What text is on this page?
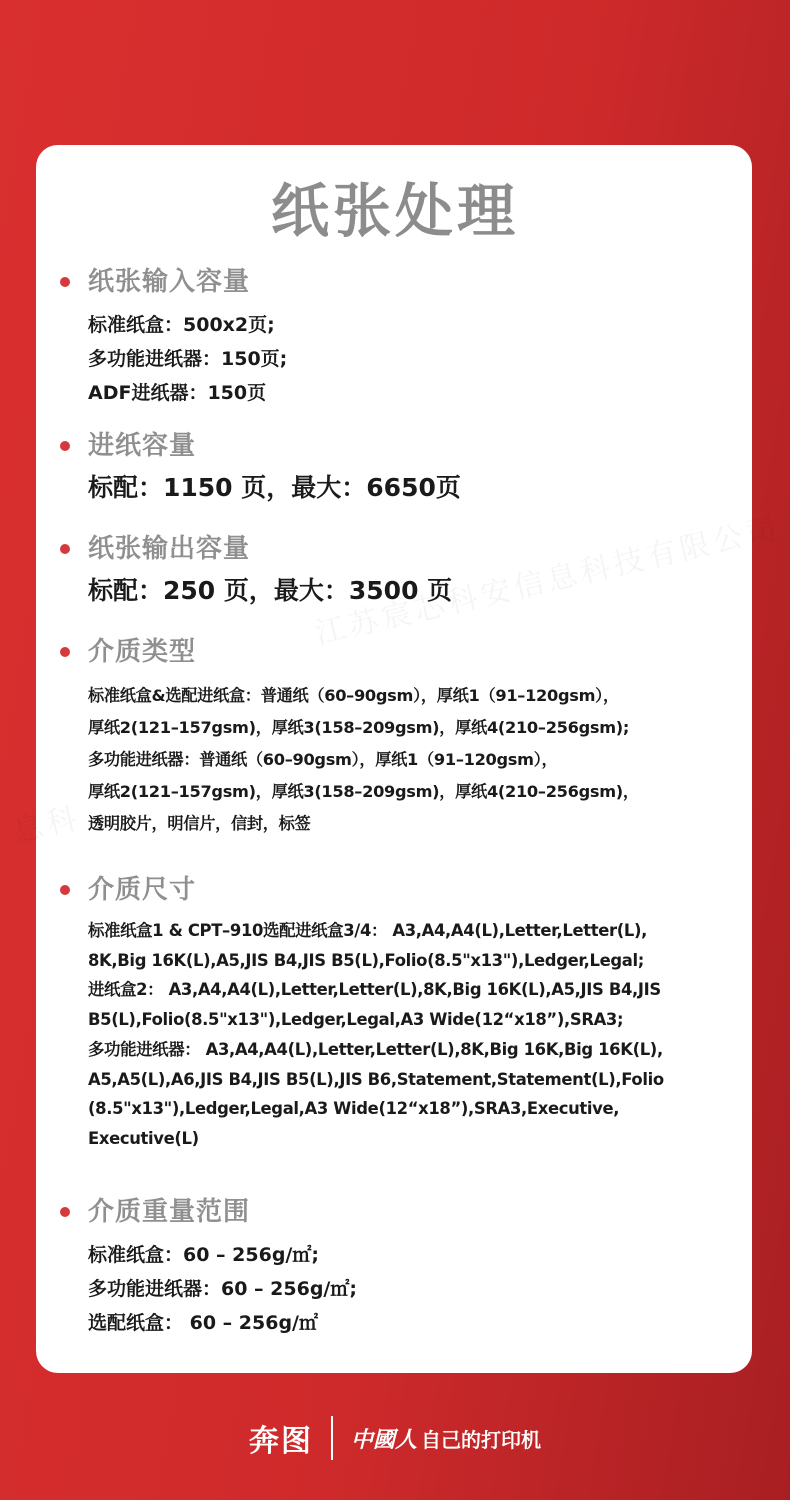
纸张处理
纸张输入容量
标准纸盒：500x2页;
多功能进纸器：150页;
ADF进纸器：150页
进纸容量
标配：1150 页，最大：6650页
纸张输出容量
标配：250 页，最大：3500 页
介质类型
标准纸盒&选配进纸盒：普通纸（60–90gsm），厚纸1（91–120gsm），
厚纸2(121–157gsm)，厚纸3(158–209gsm)，厚纸4(210–256gsm);
多功能进纸器：普通纸（60–90gsm），厚纸1（91–120gsm），
厚纸2(121–157gsm)，厚纸3(158–209gsm)，厚纸4(210–256gsm)，
透明胶片，明信片，信封，标签
介质尺寸
标准纸盒1 & CPT–910选配进纸盒3/4： A3,A4,A4(L),Letter,Letter(L),
8K,Big 16K(L),A5,JIS B4,JIS B5(L),Folio(8.5"x13"),Ledger,Legal;
进纸盒2： A3,A4,A4(L),Letter,Letter(L),8K,Big 16K(L),A5,JIS B4,JIS
B5(L),Folio(8.5"x13"),Ledger,Legal,A3 Wide(12“x18”),SRA3;
多功能进纸器： A3,A4,A4(L),Letter,Letter(L),8K,Big 16K,Big 16K(L),
A5,A5(L),A6,JIS B4,JIS B5(L),JIS B6,Statement,Statement(L),Folio
(8.5"x13"),Ledger,Legal,A3 Wide(12“x18”),SRA3,Executive,
Executive(L)
介质重量范围
标准纸盒：60 – 256g/㎡;
多功能进纸器：60 – 256g/㎡;
选配纸盒： 60 – 256g/㎡
奔图 中國人 自己的打印机
